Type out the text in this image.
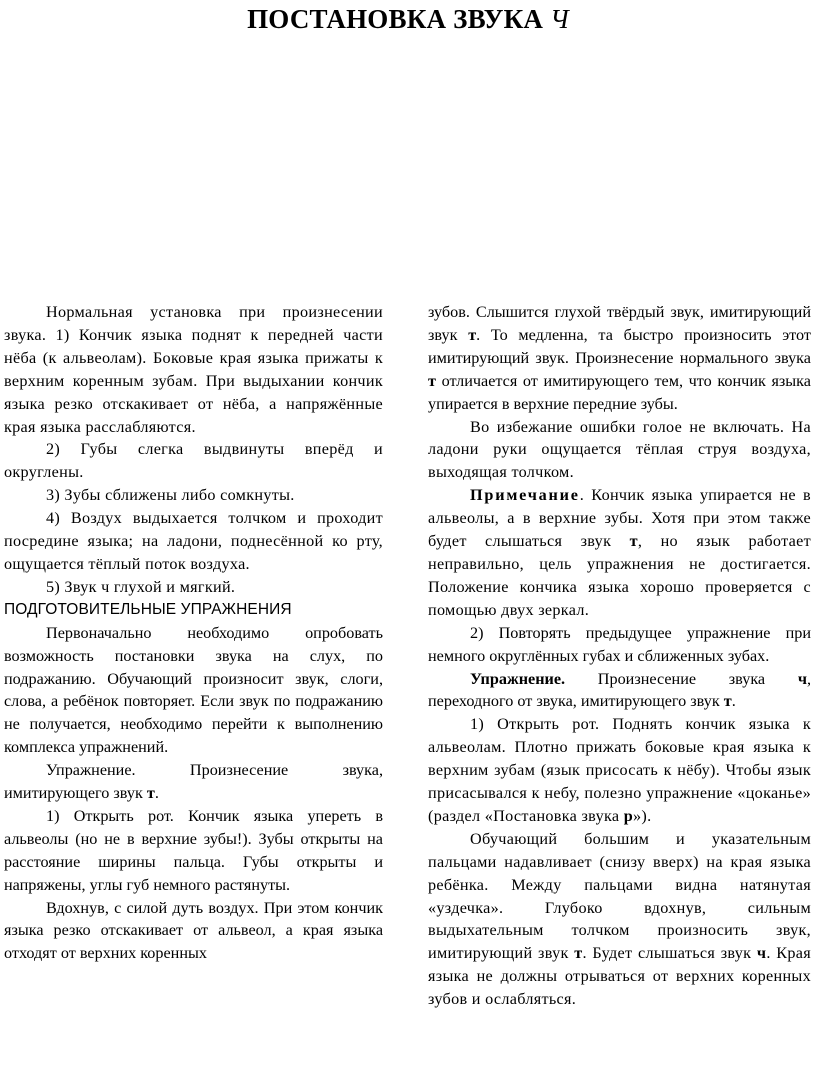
ПОСТАНОВКА ЗВУКА Ч

Нормальная установка при произнесении звука. 1) Кончик языка поднят к передней части нёба (к альвеолам). Боковые края языка прижаты к верхним коренным зубам. При выдыхании кончик языка резко отскакивает от нёба, а напряжённые края языка расслабляются.

2) Губы слегка выдвинуты вперёд и округлены.

3) Зубы сближены либо сомкнуты.

4) Воздух выдыхается толчком и проходит посредине языка; на ладони, поднесённой ко рту, ощущается тёплый поток воздуха.

5) Звук ч глухой и мягкий.

ПОДГОТОВИТЕЛЬНЫЕ УПРАЖНЕНИЯ

Первоначально необходимо опробовать возможность постановки звука на слух, по подражанию. Обучающий произносит звук, слоги, слова, а ребёнок повторяет. Если звук по подражанию не получается, необходимо перейти к выполнению комплекса упражнений.

Упражнение. Произнесение звука, имитирующего звук т.

1) Открыть рот. Кончик языка упереть в альвеолы (но не в верхние зубы!). Зубы открыты на расстояние ширины пальца. Губы открыты и напряжены, углы губ немного растянуты.

Вдохнув, с силой дуть воздух. При этом кончик языка резко отскакивает от альвеол, а края языка отходят от верхних коренных

зубов. Слышится глухой твёрдый звук, имитирующий звук т. То медленна, та быстро произносить этот имитирующий звук. Произнесение нормального звука т отличается от имитирующего тем, что кончик языка упирается в верхние передние зубы.

Во избежание ошибки голое не включать. На ладони руки ощущается тёплая струя воздуха, выходящая толчком.

Примечание. Кончик языка упирается не в альвеолы, а в верхние зубы. Хотя при этом также будет слышаться звук т, но язык работает неправильно, цель упражнения не достигается. Положение кончика языка хорошо проверяется с помощью двух зеркал.

2) Повторять предыдущее упражнение при немного округлённых губах и сближенных зубах.

Упражнение. Произнесение звука ч, переходного от звука, имитирующего звук т.

1) Открыть рот. Поднять кончик языка к альвеолам. Плотно прижать боковые края языка к верхним зубам (язык присосать к нёбу). Чтобы язык присасывался к небу, полезно упражнение «цоканье» (раздел «Постановка звука р»).

Обучающий большим и указательным пальцами надавливает (снизу вверх) на края языка ребёнка. Между пальцами видна натянутая «уздечка». Глубоко вдохнув, сильным выдыхательным толчком произносить звук, имитирующий звук т. Будет слышаться звук ч. Края языка не должны отрываться от верхних коренных зубов и ослабляться.
